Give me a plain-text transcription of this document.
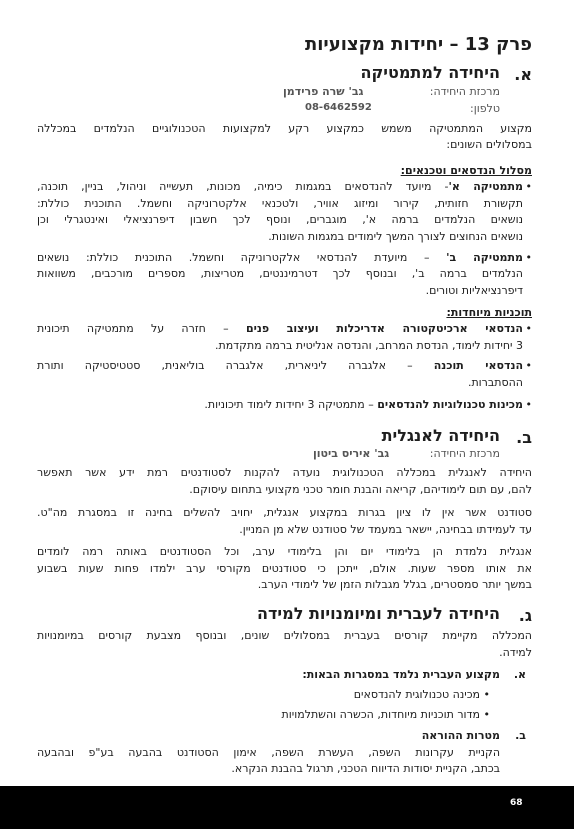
פרק 13 – יחידות מקצועיות
א.
היחידה למתמטיקה
מרכזת היחידה:
גב' שרה פרידמן
טלפון:
08-6462592
מקצוע המתמטיקה משמש כמקצוע רקע למקצועות הטכנולוגיים הנלמדים במכללה
במסלולים השונים:
מסלול הנדסאים וטכנאים:
•
מתמטיקה א'- מיועד להנדסאים במגמות כימיה, מכונות, תעשייה וניהול, בניין, תוכנה,
תקשורת חזותית, קירור ומיזוג אוויר, ולטכנאי אלקטרוניקה וחשמל. התוכנית כוללת:
נושאים הנלמדים ברמה א', מוגברים, ונוסף לכך חשבון דיפרנציאלי ואינטגרלי וכן
נושאים הנחוצים לצורך המשך לימודים במגמות השונות.
•
מתמטיקה ב' – מיועדת להנדסאי אלקטרוניקה וחשמל. התוכנית כוללת: נושאים
הנלמדים ברמה ב', ובנוסף לכך דטרמיננטים, מטריצות, מספרים מורכבים, משוואות
דיפרנציאליות וטורים.
תוכניות מיוחדות:
•
הנדסאי ארכיטקטורה אדריכלות ועיצוב פנים – חזרה על מתמטיקה תיכונית
3 יחידות לימוד, הנדסת המרחב, והנדסה אנליטית ברמה מתקדמת.
•
הנדסאי תוכנה – אלגברה ליניארית, אלגברה בוליאנית, סטטיסטיקה ותורת
ההסתברות.
•
מכינות טכנולוגיות להנדסאים – מתמטיקה 3 יחידות לימוד תיכוניות.
ב.
היחידה לאנגלית
מרכזת היחידה:
גב' איריס ביטון
היחידה לאנגלית במכללה הטכנולוגית נועדה להקנות לסטודנטים רמת ידע אשר תאפשר
להם, עם תום לימודיהם, קריאה והבנת חומר טכני מקצועי בתחום עיסוקם.
סטודנט אשר אין לו ציון בגרות במקצוע אנגלית, יחויב להשלים בחינה זו במסגרת מה"ט.
עד לעמידתו בבחינה, יישאר במעמד של סטודנט שלא מן המניין.
אנגלית נלמדת הן בלימודי יום והן בלימודי ערב, וכל הסטודנטים באותה רמה לומדים
את אותו מספר שעות. אולם, ייתכן כי סטודנטים מקורסי ערב ילמדו פחות שעות בשבוע
במשך יותר סמסטרים, בגלל מגבלות הזמן של לימודי הערב.
ג.
היחידה לעברית ומיומנויות למידה
המכללה מקיימת קורסים בעברית במסלולים שונים, ובנוסף מצבעת קורסים במיומנויות
למידה.
א.
מקצוע העברית נלמד במסגרות הבאות:
•
מכינה טכנולוגית להנדסאים
•
מדור תוכניות מיוחדות, הכשרה והשתלמויות
ב.
מטרות ההוראה
הקניית עקרונות השפה, העשרת השפה, אימון הסטודנט בהבעה בע"פ ובהבעה
בכתב, הקניית יסודות הדיווח הטכני, תרגול בהבנת הנקרא.
68
